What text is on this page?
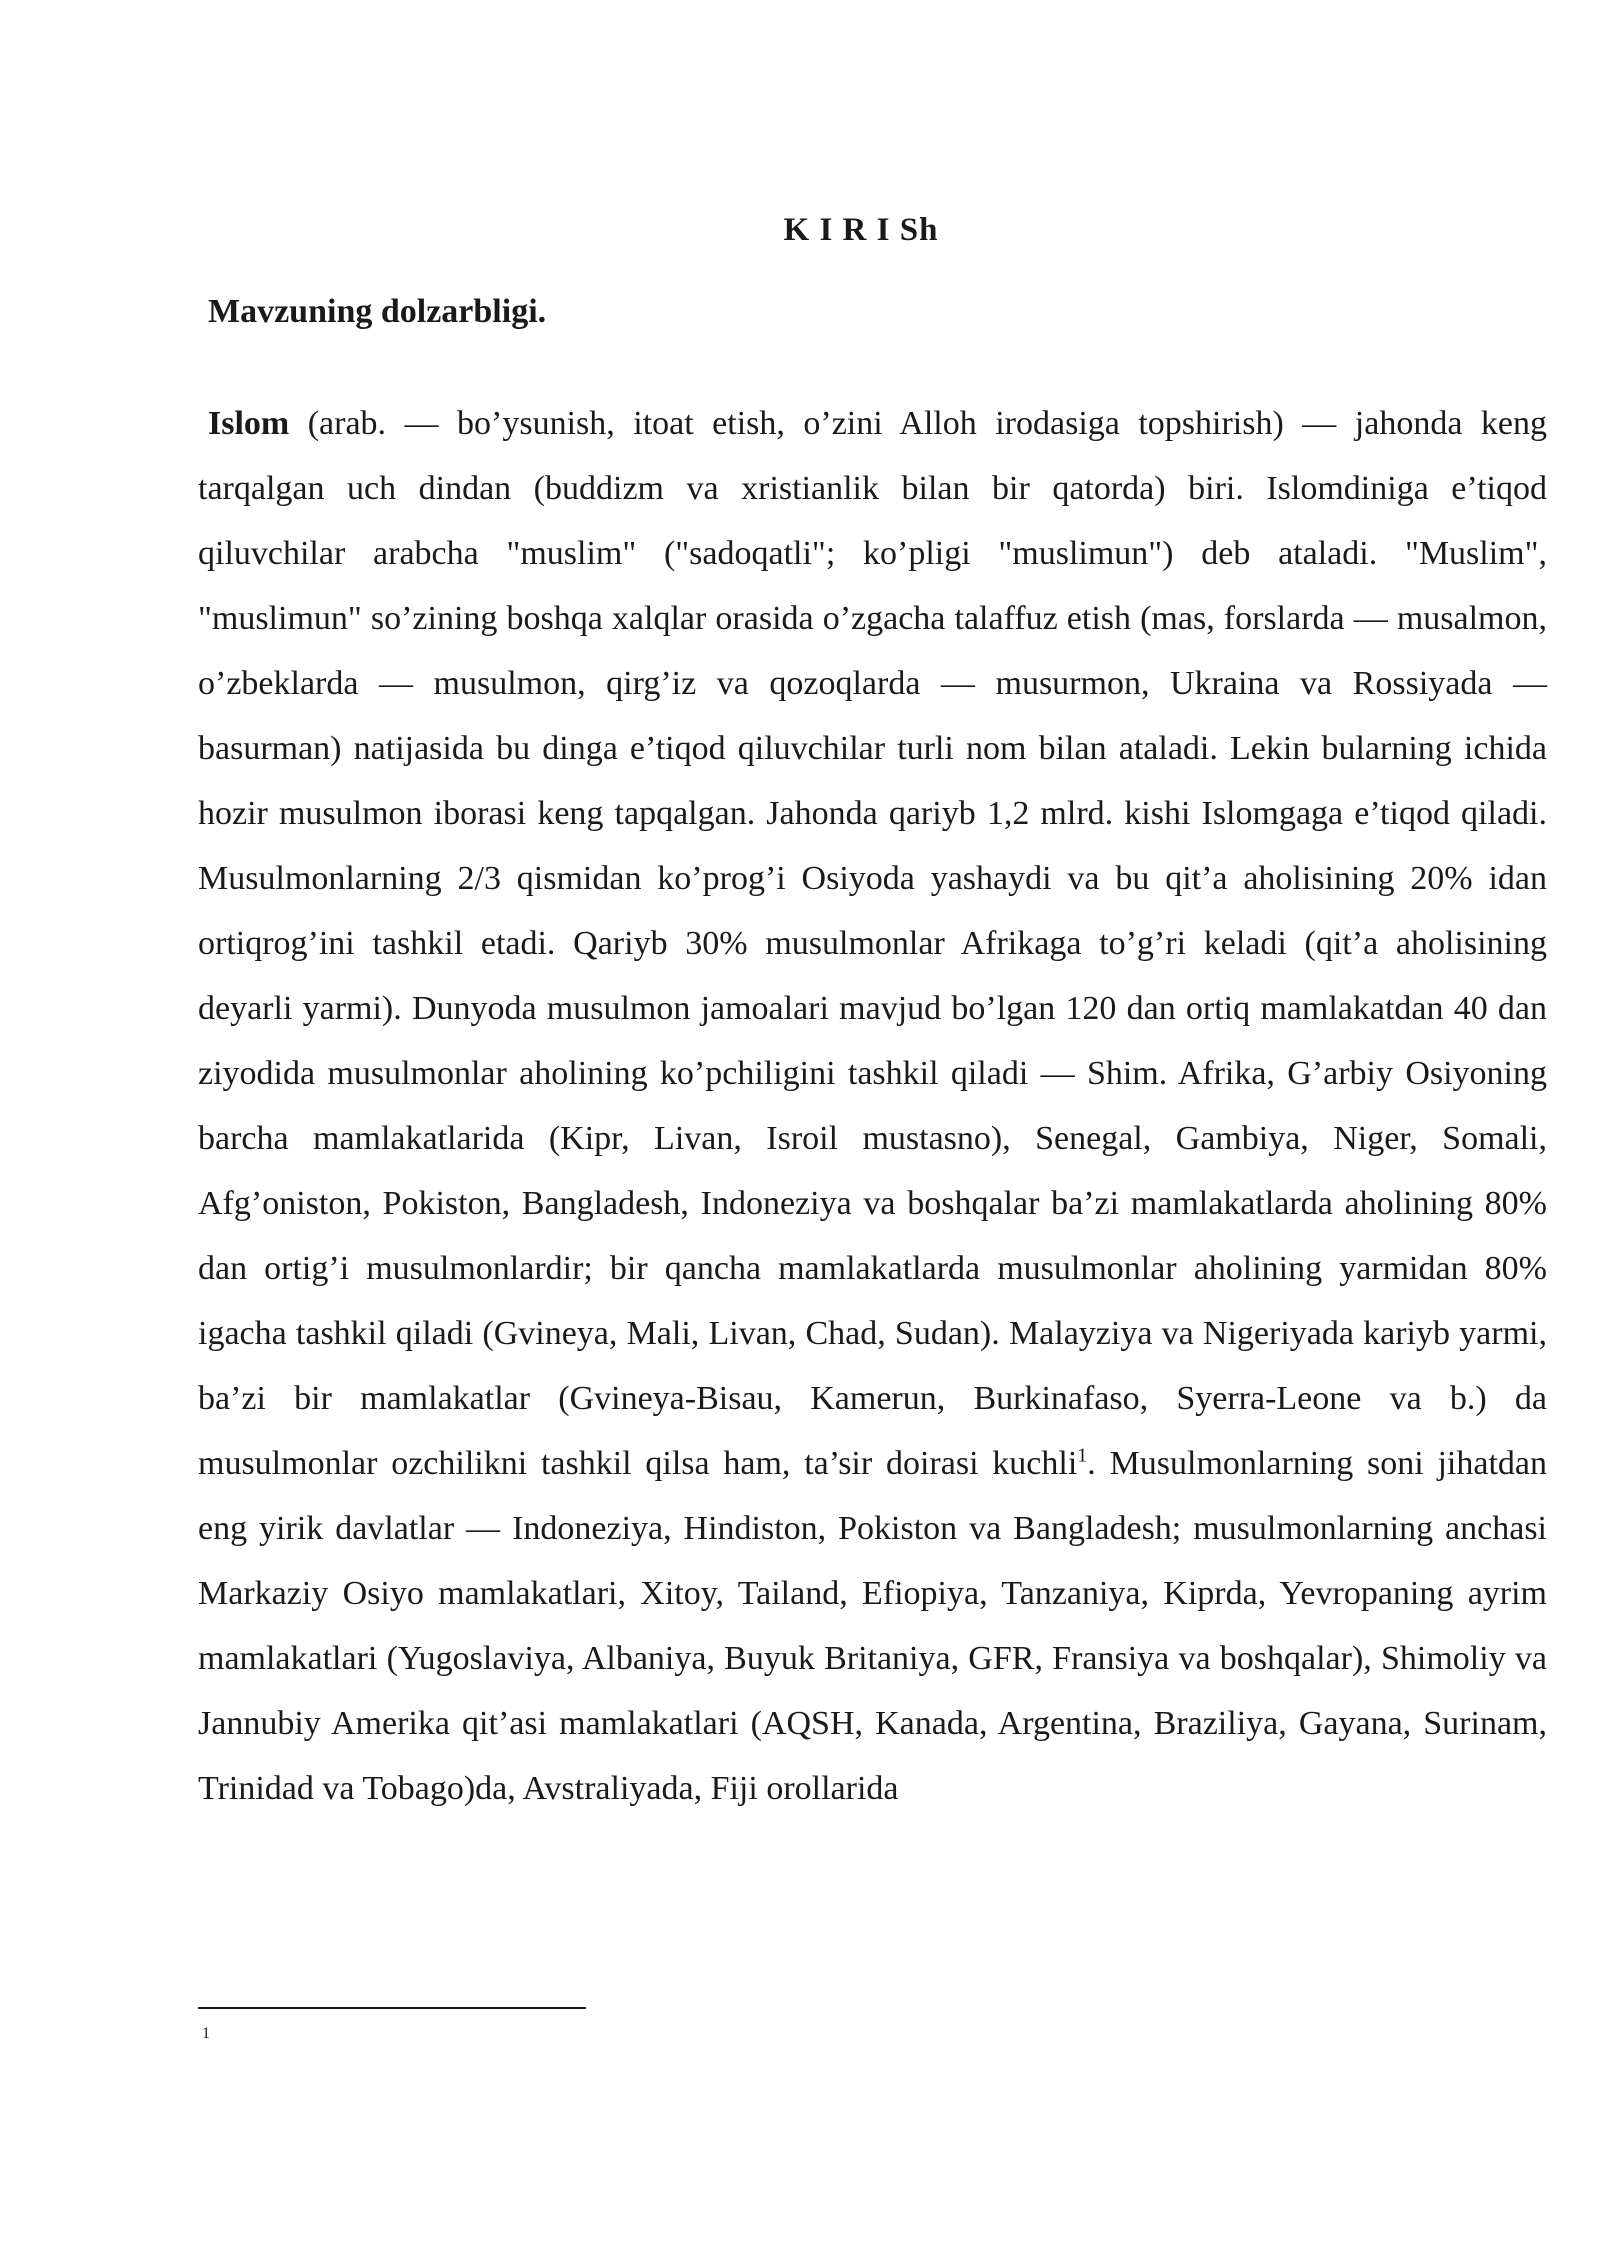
K I R I Sh
Mavzuning dolzarbligi.

Islom (arab. — bo’ysunish, itoat etish, o’zini Alloh irodasiga topshirish) — jahonda keng tarqalgan uch dindan (buddizm va xristianlik bilan bir qatorda) biri. Islomdiniga e’tiqod qiluvchilar arabcha "muslim" ("sadoqatli"; ko’pligi "muslimun") deb ataladi. "Muslim", "muslimun" so’zining boshqa xalqlar orasida o’zgacha talaffuz etish (mas, forslarda — musalmon, o’zbeklarda — musulmon, qirg’iz va qozoqlarda — musurmon, Ukraina va Rossiyada — basurman) natijasida bu dinga e’tiqod qiluvchilar turli nom bilan ataladi. Lekin bularning ichida hozir musulmon iborasi keng tapqalgan. Jahonda qariyb 1,2 mlrd. kishi Islomgaga e’tiqod qiladi. Musulmonlarning 2/3 qismidan ko’prog’i Osiyoda yashaydi va bu qit’a aholisining 20% idan ortiqrog’ini tashkil etadi. Qariyb 30% musulmonlar Afrikaga to’g’ri keladi (qit’a aholisining deyarli yarmi). Dunyoda musulmon jamoalari mavjud bo’lgan 120 dan ortiq mamlakatdan 40 dan ziyodida musulmonlar aholining ko’pchiligini tashkil qiladi — Shim. Afrika, G’arbiy Osiyoning barcha mamlakatlarida (Kipr, Livan, Isroil mustasno), Senegal, Gambiya, Niger, Somali, Afg’oniston, Pokiston, Bangladesh, Indoneziya va boshqalar ba’zi mamlakatlarda aholining 80% dan ortig’i musulmonlardir; bir qancha mamlakatlarda musulmonlar aholining yarmidan 80% igacha tashkil qiladi (Gvineya, Mali, Livan, Chad, Sudan). Malayziya va Nigeriyada kariyb yarmi, ba’zi bir mamlakatlar (Gvineya-Bisau, Kamerun, Burkinafaso, Syerra-Leone va b.) da musulmonlar ozchilikni tashkil qilsa ham, ta’sir doirasi kuchli$^1$. Musulmonlarning soni jihatdan eng yirik davlatlar — Indoneziya, Hindiston, Pokiston va Bangladesh; musulmonlarning anchasi Markaziy Osiyo mamlakatlari, Xitoy, Tailand, Efiopiya, Tanzaniya, Kiprda, Yevropaning ayrim mamlakatlari (Yugoslaviya, Albaniya, Buyuk Britaniya, GFR, Fransiya va boshqalar), Shimoliy va Jannubiy Amerika qit’asi mamlakatlari (AQSH, Kanada, Argentina, Braziliya, Gayana, Surinam, Trinidad va Tobago)da, Avstraliyada, Fiji orollarida

1
